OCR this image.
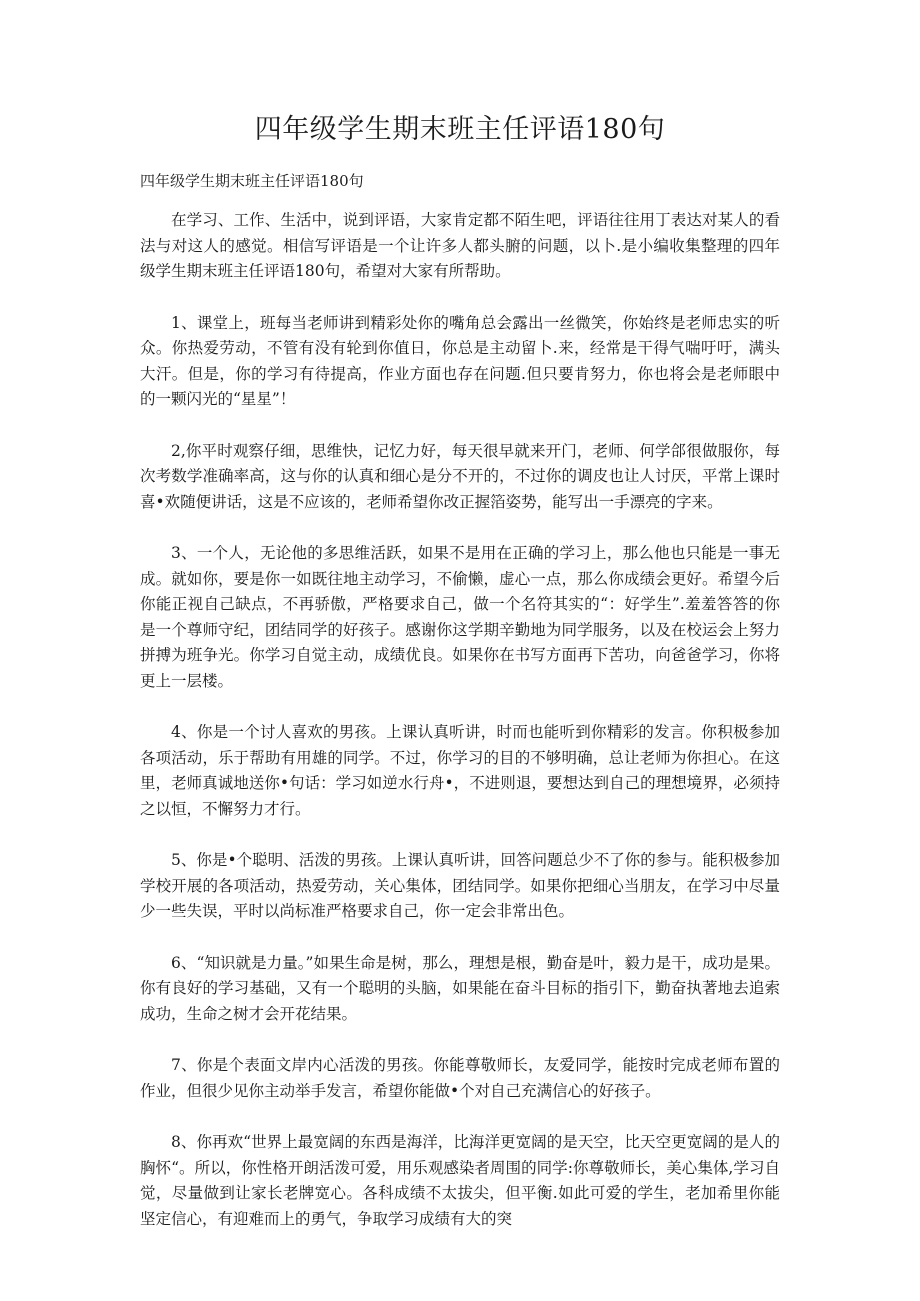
四年级学生期末班主任评语180句

四年级学生期末班主任评语180句

在学习、工作、生活中，说到评语，大家肯定都不陌生吧，评语往往用丁表达对某人的看法与对这人的感觉。相信写评语是一个让许多人都头腑的问题，以卜.是小编收集整理的四年级学生期末班主任评语180句，希望对大家有所帮助。

1、课堂上，班每当老师讲到精彩处你的嘴角总会露出一丝微笑，你始终是老师忠实的听众。你热爱劳动，不管有没有轮到你值日，你总是主动留卜.来，经常是干得气喘吁吁，满头大汗。但是，你的学习有待提高，作业方面也存在问题.但只要肯努力，你也将会是老师眼中的一颗闪光的“星星”！

2,你平时观察仔细，思维快，记忆力好，每天很早就来开门，老师、何学郃很做服你，每次考数学准确率高，这与你的认真和细心是分不开的，不过你的调皮也让人讨厌，平常上课时喜•欢随便讲话，这是不应该的，老师希望你改正握箔姿势，能写出一手漂亮的字来。

3、一个人，无论他的多思维活跃，如果不是用在正确的学习上，那么他也只能是一事无成。就如你，要是你一如既往地主动学习，不偷懒，虚心一点，那么你成绩会更好。希望今后你能正视自己缺点，不再骄傲，严格要求自己，做一个名符其实的“：好学生”.羞羞答答的你是一个尊师守纪，团结同学的好孩子。感谢你这学期辛勤地为同学服务，以及在校运会上努力拼搏为班争光。你学习自觉主动，成绩优良。如果你在书写方面再下苦功，向爸爸学习，你将更上一层楼。

4、你是一个讨人喜欢的男孩。上课认真听讲，时而也能听到你精彩的发言。你积极参加各项活动，乐于帮助有用雄的同学。不过，你学习的目的不够明确，总让老师为你担心。在这里，老师真诚地送你•句话：学习如逆水行舟•，不进则退，要想达到自己的理想境界，必须持之以恒，不懈努力才行。

5、你是•个聪明、活泼的男孩。上课认真听讲，回答问题总少不了你的参与。能积极参加学校开展的各项活动，热爱劳动，关心集体，团结同学。如果你把细心当朋友，在学习中尽量少一些失误，平时以尚标准严格要求自己，你一定会非常出色。

6、“知识就是力量。”如果生命是树，那么，理想是根，勤奋是叶，毅力是干，成功是果。你有良好的学习基础，又有一个聪明的头脑，如果能在奋斗目标的指引下，勤奋执著地去追索成功，生命之树才会开花结果。

7、你是个表面文岸内心活泼的男孩。你能尊敬师长，友爱同学，能按时完成老师布置的作业，但很少见你主动举手发言，希望你能做•个对自己充满信心的好孩子。

8、你再欢“世界上最宽阔的东西是海洋，比海洋更宽阔的是天空，比天空更宽阔的是人的胸怀“。所以，你性格开朗活泼可爱，用乐观感染者周围的同学:你尊敬师长，美心集体,学习自觉，尽量做到让家长老牌宽心。各科成绩不太拔尖，但平衡.如此可爱的学生，老加希里你能坚定信心，有迎难而上的勇气，争取学习成绩有大的突
